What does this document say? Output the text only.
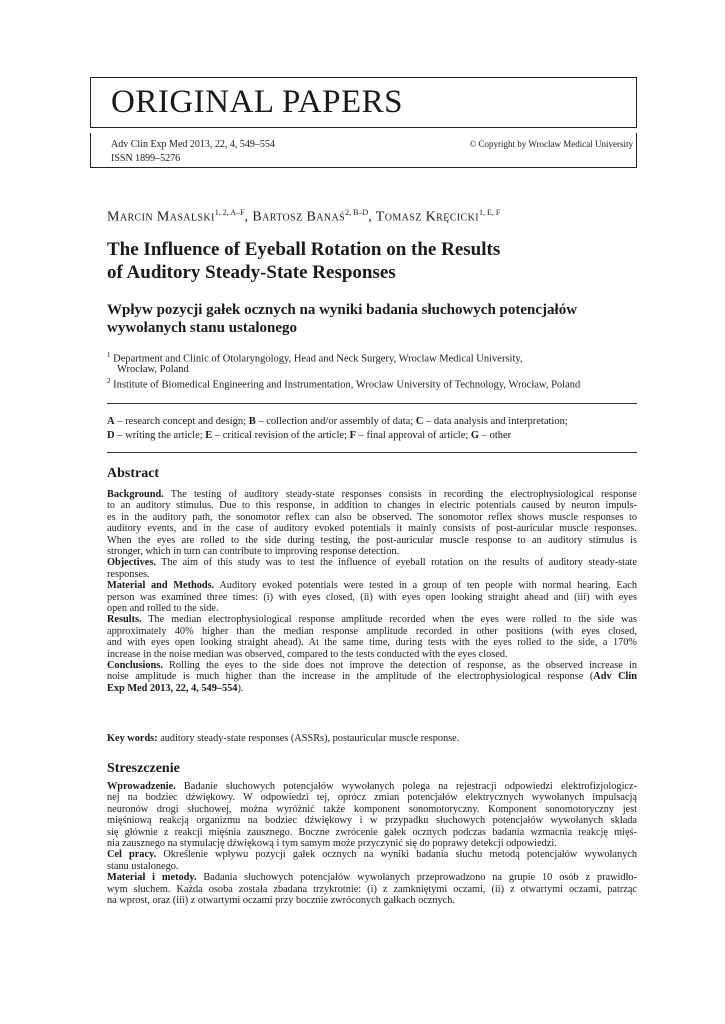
ORIGINAL PAPERS
Adv Clin Exp Med 2013, 22, 4, 549–554
ISSN 1899–5276
© Copyright by Wroclaw Medical University
Marcin Masalski$^{1, 2, A-F}$, Bartosz Banaś$^{2, B-D}$, Tomasz Kręcicki$^{1, E, F}$
The Influence of Eyeball Rotation on the Results
of Auditory Steady-State Responses
Wpływ pozycji gałek ocznych na wyniki badania słuchowych potencjałów
wywołanych stanu ustalonego
$^1$ Department and Clinic of Otolaryngology, Head and Neck Surgery, Wroclaw Medical University,
Wrocław, Poland
$^2$ Institute of Biomedical Engineering and Instrumentation, Wroclaw University of Technology, Wrocław, Poland
A – research concept and design; B – collection and/or assembly of data; C – data analysis and interpretation;
D – writing the article; E – critical revision of the article; F – final approval of article; G – other
Abstract
Background. The testing of auditory steady-state responses consists in recording the electrophysiological response
to an auditory stimulus. Due to this response, in addition to changes in electric potentials caused by neuron impuls-
es in the auditory path, the sonomotor reflex can also be observed. The sonomotor reflex shows muscle responses to
auditory events, and in the case of auditory evoked potentials it mainly consists of post-auricular muscle responses.
When the eyes are rolled to the side during testing, the post-auricular muscle response to an auditory stimulus is
stronger, which in turn can contribute to improving response detection.
Objectives. The aim of this study was to test the influence of eyeball rotation on the results of auditory steady-state
responses.
Material and Methods. Auditory evoked potentials were tested in a group of ten people with normal hearing. Each
person was examined three times: (i) with eyes closed, (ii) with eyes open looking straight ahead and (iii) with eyes
open and rolled to the side.
Results. The median electrophysiological response amplitude recorded when the eyes were rolled to the side was
approximately 40% higher than the median response amplitude recorded in other positions (with eyes closed,
and with eyes open looking straight ahead). At the same time, during tests with the eyes rolled to the side, a 170%
increase in the noise median was observed, compared to the tests conducted with the eyes closed.
Conclusions. Rolling the eyes to the side does not improve the detection of response, as the observed increase in
noise amplitude is much higher than the increase in the amplitude of the electrophysiological response (Adv Clin
Exp Med 2013, 22, 4, 549–554).
Key words: auditory steady-state responses (ASSRs), postauricular muscle response.
Streszczenie
Wprowadzenie. Badanie słuchowych potencjałów wywołanych polega na rejestracji odpowiedzi elektrofizjologicz-
nej na bodziec dźwiękowy. W odpowiedzi tej, oprócz zmian potencjałów elektrycznych wywołanych impulsacją
neuronów drogi słuchowej, można wyróżnić także komponent sonomotoryczny. Komponent sonomotoryczny jest
mięśniową reakcją organizmu na bodziec dźwiękowy i w przypadku słuchowych potencjałów wywołanych składa
się głównie z reakcji mięśnia zausznego. Boczne zwrócenie gałek ocznych podczas badania wzmacnia reakcję mięś-
nia zausznego na stymulację dźwiękową i tym samym może przyczynić się do poprawy detekcji odpowiedzi.
Cel pracy. Określenie wpływu pozycji gałek ocznych na wyniki badania słuchu metodą potencjałów wywołanych
stanu ustalonego.
Materiał i metody. Badania słuchowych potencjałów wywołanych przeprowadzono na grupie 10 osób z prawidło-
wym słuchem. Każda osoba została zbadana trzykrotnie: (i) z zamkniętymi oczami, (ii) z otwartymi oczami, patrząc
na wprost, oraz (iii) z otwartymi oczami przy bocznie zwróconych gałkach ocznych.
